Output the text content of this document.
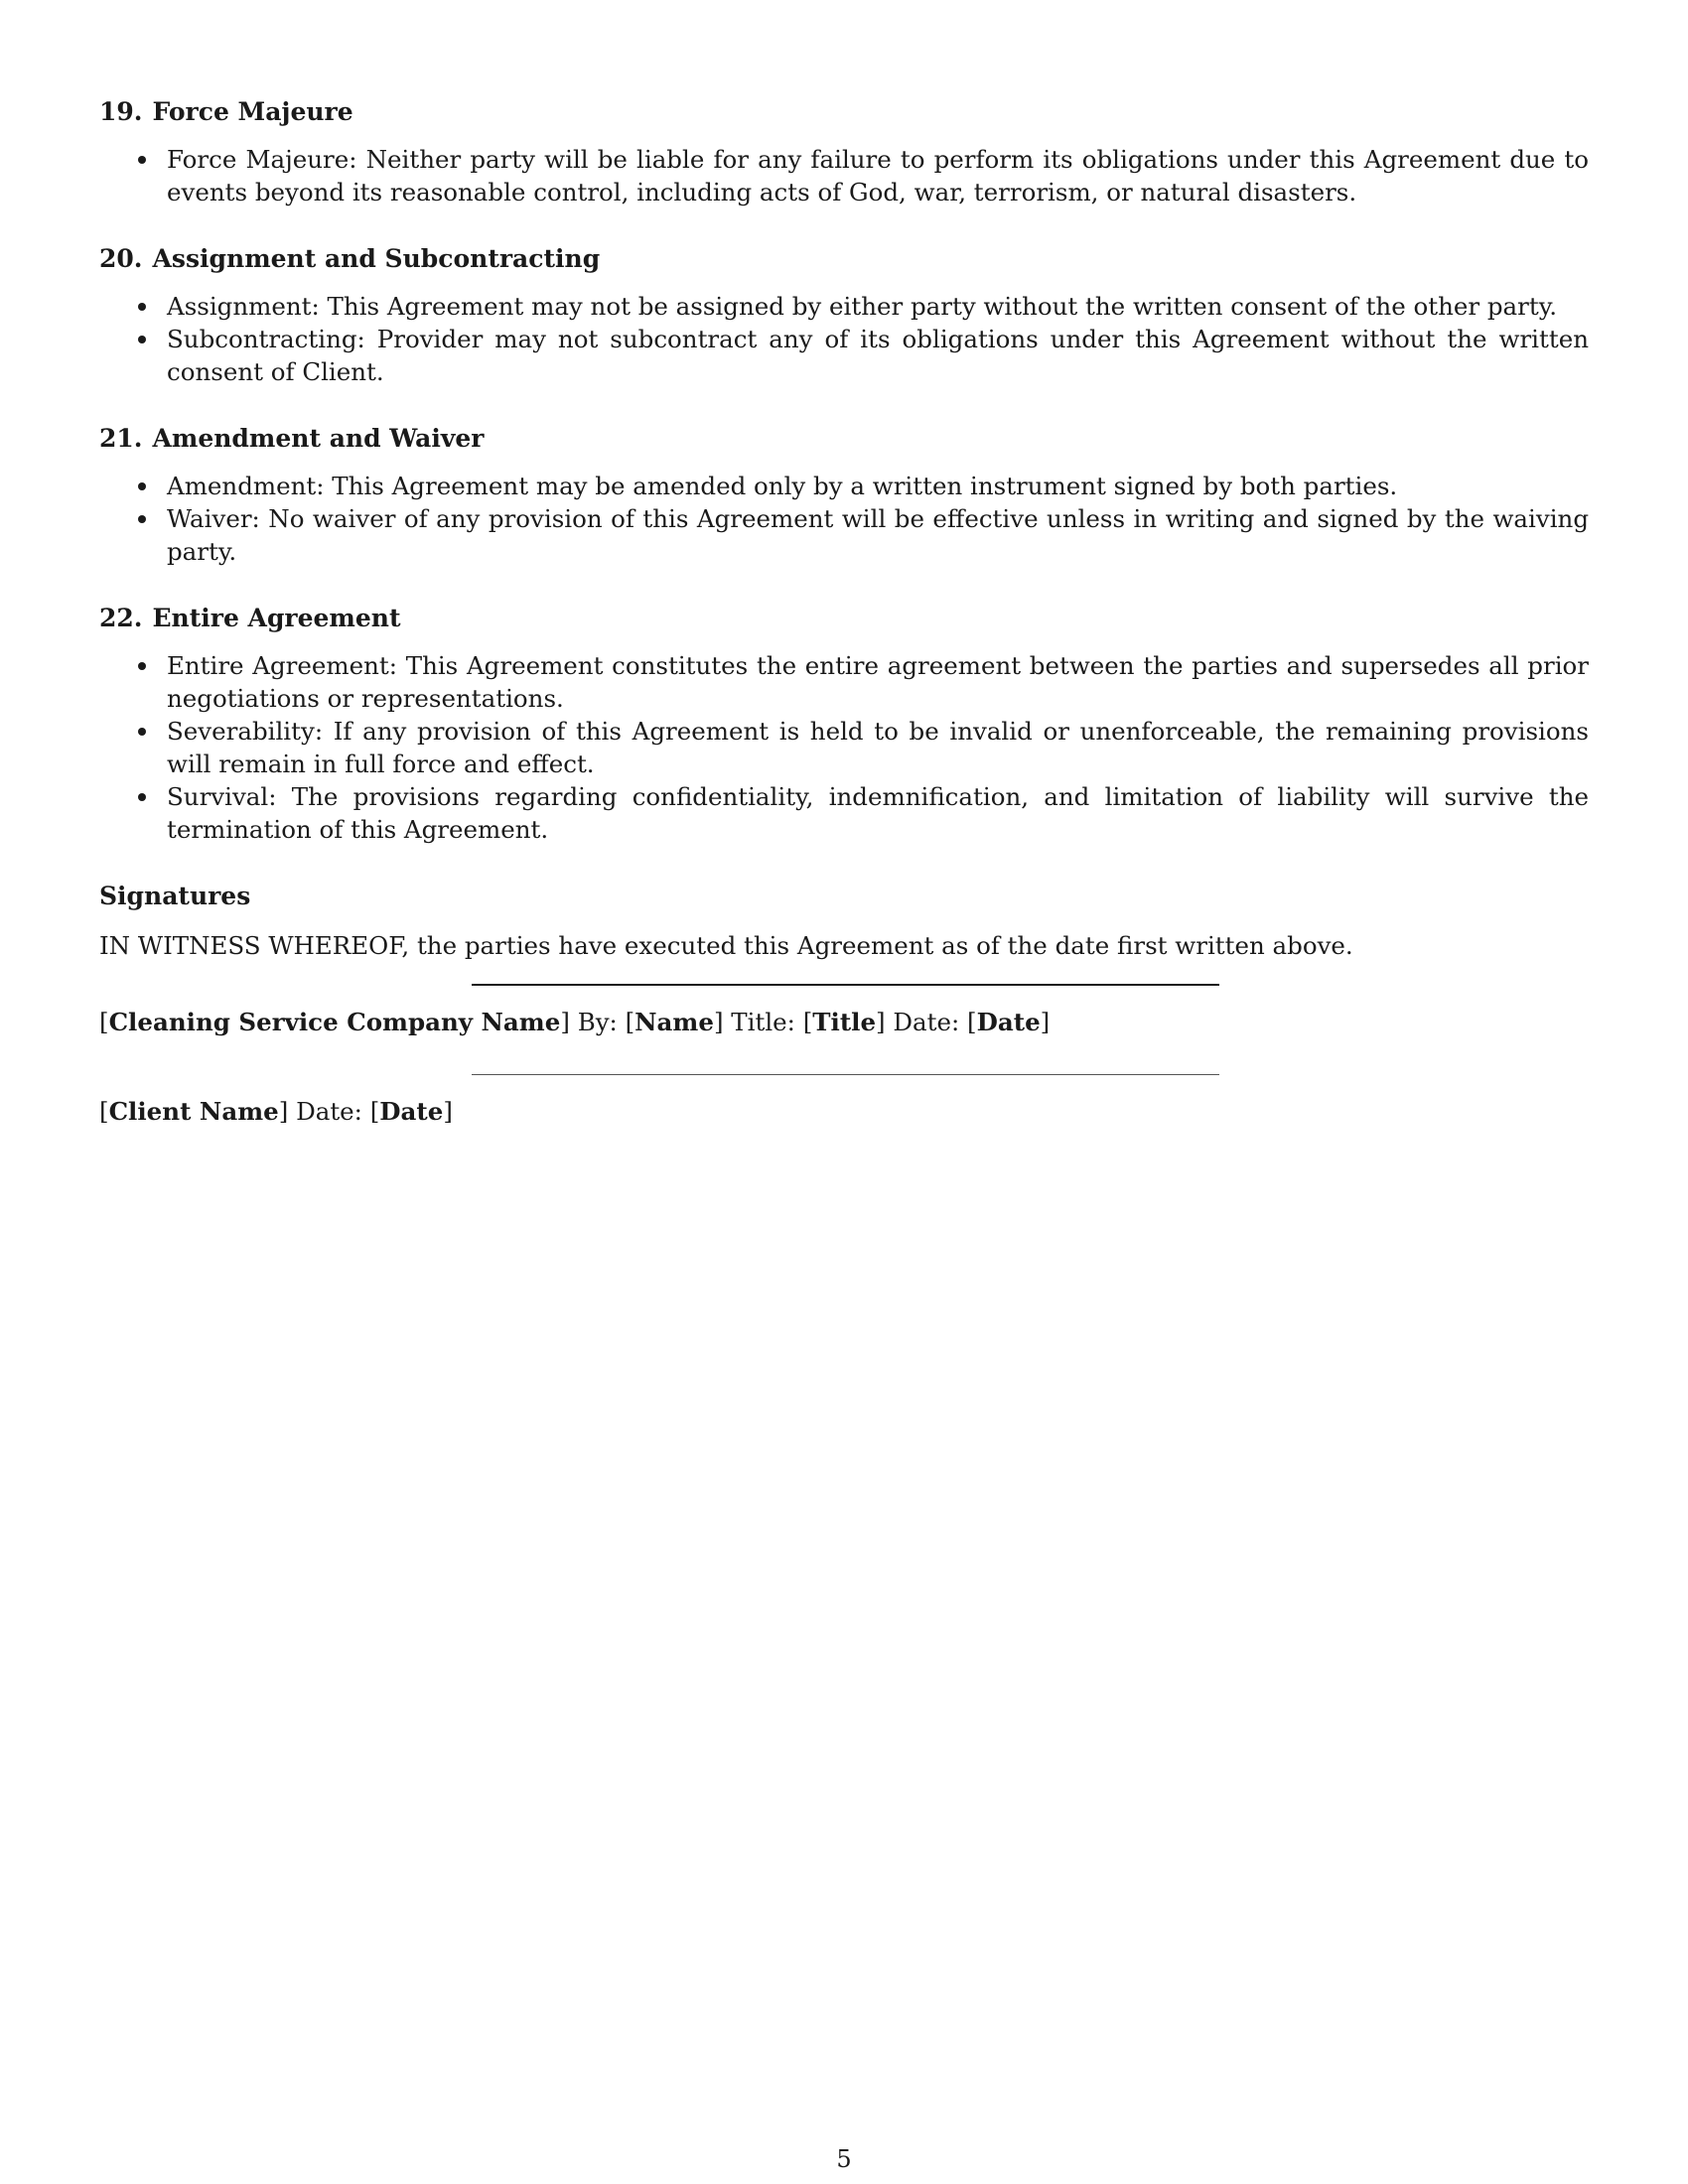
19. Force Majeure
Force Majeure: Neither party will be liable for any failure to perform its obligations under this Agreement due to events beyond its reasonable control, including acts of God, war, terrorism, or natural disasters.
20. Assignment and Subcontracting
Assignment: This Agreement may not be assigned by either party without the written consent of the other party.
Subcontracting: Provider may not subcontract any of its obligations under this Agreement without the written consent of Client.
21. Amendment and Waiver
Amendment: This Agreement may be amended only by a written instrument signed by both parties.
Waiver: No waiver of any provision of this Agreement will be effective unless in writing and signed by the waiving party.
22. Entire Agreement
Entire Agreement: This Agreement constitutes the entire agreement between the parties and supersedes all prior negotiations or representations.
Severability: If any provision of this Agreement is held to be invalid or unenforceable, the remaining provisions will remain in full force and effect.
Survival: The provisions regarding confidentiality, indemnification, and limitation of liability will survive the termination of this Agreement.
Signatures
IN WITNESS WHEREOF, the parties have executed this Agreement as of the date first written above.
[Cleaning Service Company Name] By: [Name] Title: [Title] Date: [Date]
[Client Name] Date: [Date]
5
